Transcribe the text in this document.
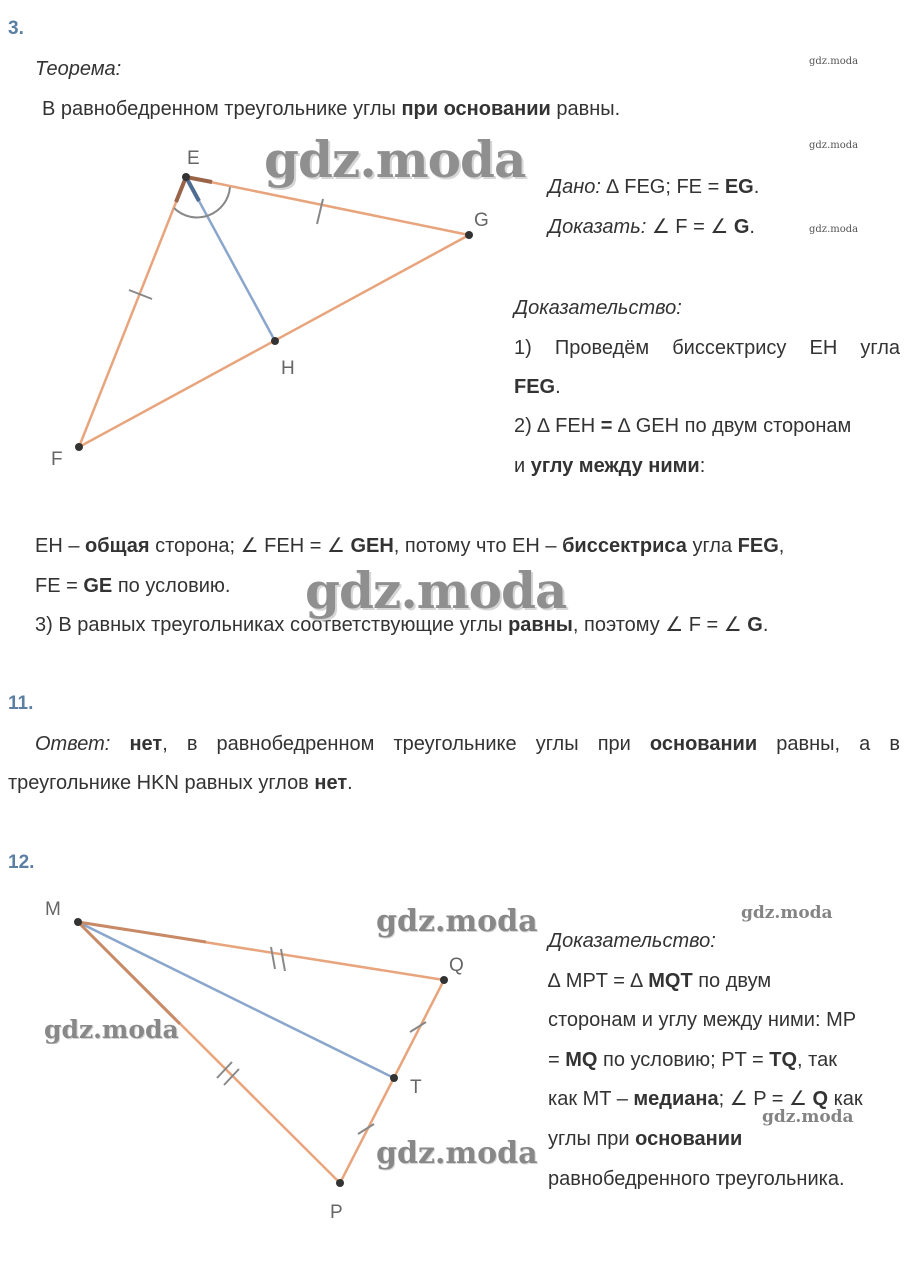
3.
Теорема:
В равнобедренном треугольнике углы при основании равны.
E
G
H
F
Дано: ∆ FEG; FE = EG.
Доказать: ∠ F = ∠ G.
Доказательство:
1) Проведём биссектрису EH угла
FEG.
2) ∆ FEH = ∆ GEH по двум сторонам
и углу между ними:
EH – общая сторона; ∠ FEH = ∠ GEH, потому что EH – биссектриса угла FEG,
FE = GE по условию.
3) В равных треугольниках соответствующие углы равны, поэтому ∠ F = ∠ G.
11.
Ответ: нет, в равнобедренном треугольнике углы при основании равны, а в
треугольнике HKN равных углов нет.
12.
M
Q
T
P
Доказательство:
∆ MPT = ∆ MQT по двум
сторонам и углу между ними: MP
= MQ по условию; PT = TQ, так
как MT – медиана; ∠ P = ∠ Q как
углы при основании
равнобедренного треугольника.
gdz.moda
gdz.moda
gdz.moda
gdz.moda
gdz.moda
gdz.moda
gdz.moda
gdz.moda
gdz.moda
gdz.moda
